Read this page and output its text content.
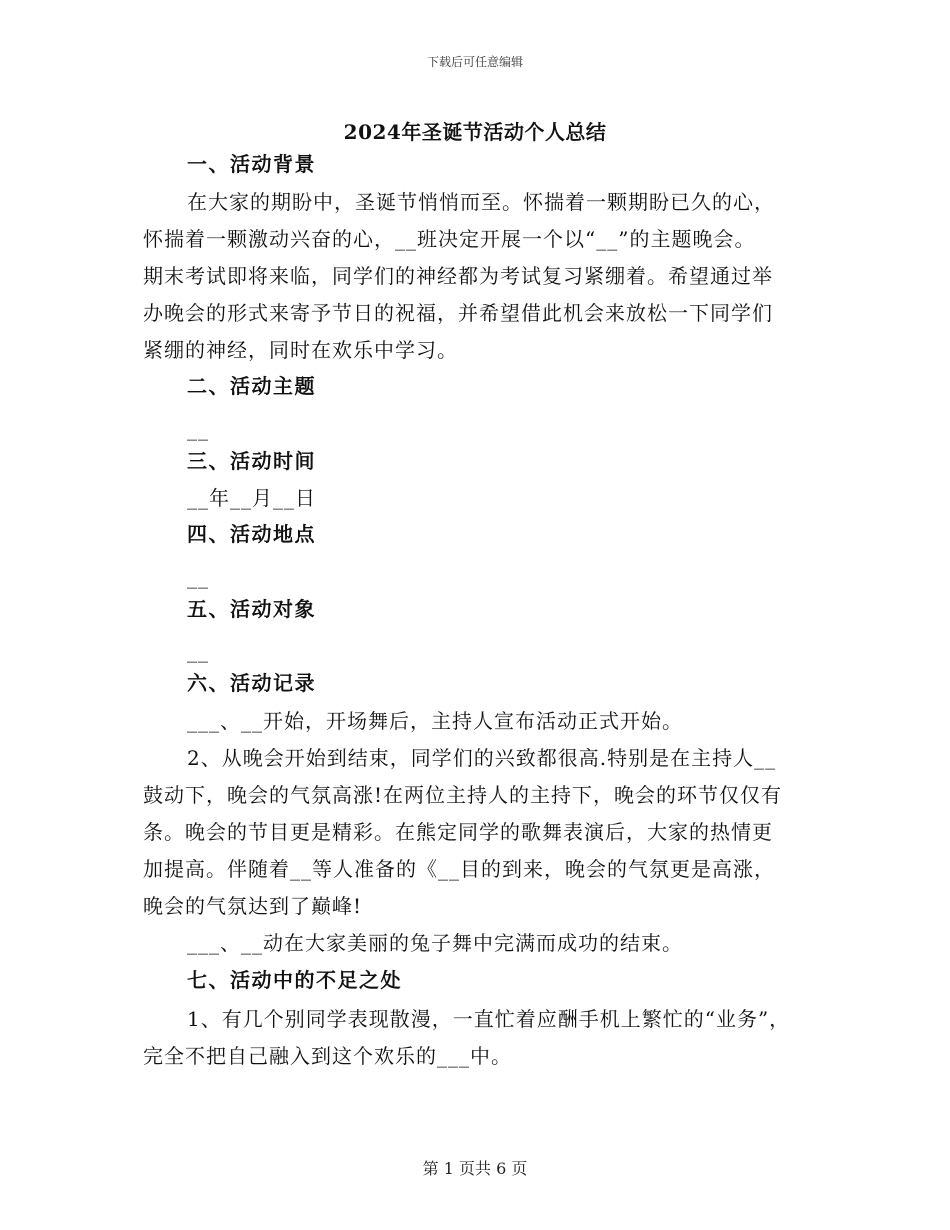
下载后可任意编辑
2024年圣诞节活动个人总结
一、活动背景
在大家的期盼中，圣诞节悄悄而至。怀揣着一颗期盼已久的心，
怀揣着一颗激动兴奋的心，__班决定开展一个以“__”的主题晚会。
期末考试即将来临，同学们的神经都为考试复习紧绷着。希望通过举
办晚会的形式来寄予节日的祝福，并希望借此机会来放松一下同学们
紧绷的神经，同时在欢乐中学习。
二、活动主题
__
三、活动时间
__年__月__日
四、活动地点
__
五、活动对象
__
六、活动记录
___、__开始，开场舞后，主持人宣布活动正式开始。
2、从晚会开始到结束，同学们的兴致都很高.特别是在主持人__
鼓动下，晚会的气氛高涨!在两位主持人的主持下，晚会的环节仅仅有
条。晚会的节目更是精彩。在熊定同学的歌舞表演后，大家的热情更
加提高。伴随着__等人准备的《__目的到来，晚会的气氛更是高涨，
晚会的气氛达到了巅峰!
___、__动在大家美丽的兔子舞中完满而成功的结束。
七、活动中的不足之处
1、有几个别同学表现散漫，一直忙着应酬手机上繁忙的“业务”，
完全不把自己融入到这个欢乐的___中。
第 1 页共 6 页
